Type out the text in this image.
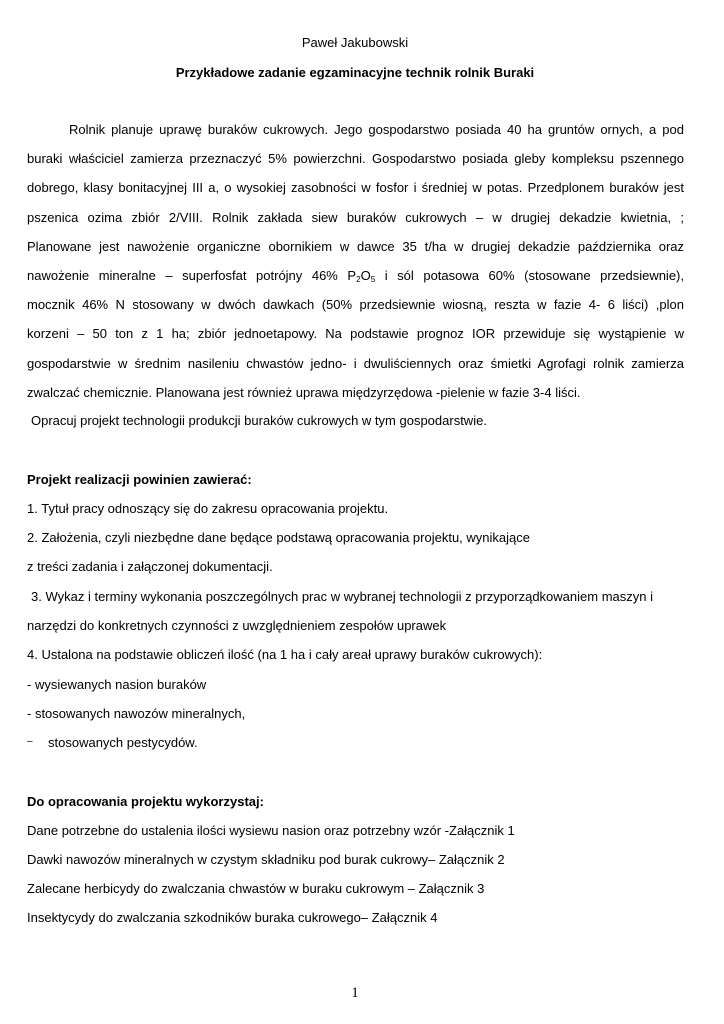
Paweł Jakubowski
Przykładowe zadanie egzaminacyjne technik rolnik Buraki
Rolnik planuje uprawę buraków cukrowych. Jego gospodarstwo posiada 40 ha gruntów ornych, a pod
buraki właściciel zamierza przeznaczyć 5% powierzchni. Gospodarstwo posiada gleby kompleksu pszennego
dobrego, klasy bonitacyjnej III a, o wysokiej zasobności w fosfor i średniej w potas. Przedplonem buraków jest
pszenica ozima zbiór 2/VIII. Rolnik zakłada siew buraków cukrowych – w drugiej dekadzie kwietnia, ;
Planowane jest nawożenie organiczne obornikiem w dawce 35 t/ha w drugiej dekadzie października oraz
nawożenie mineralne – superfosfat potrójny 46% $P_2O_5$ i sól potasowa 60% (stosowane przedsiewnie),
mocznik 46% N stosowany w dwóch dawkach (50% przedsiewnie wiosną, reszta w fazie 4- 6 liści) ,plon
korzeni – 50 ton z 1 ha; zbiór jednoetapowy. Na podstawie prognoz IOR przewiduje się wystąpienie w
gospodarstwie w średnim nasileniu chwastów jedno- i dwuliściennych oraz śmietki Agrofagi rolnik zamierza
zwalczać chemicznie. Planowana jest również uprawa międzyrzędowa -pielenie w fazie 3-4 liści.
Opracuj projekt technologii produkcji buraków cukrowych w tym gospodarstwie.
Projekt realizacji powinien zawierać:
1. Tytuł pracy odnoszący się do zakresu opracowania projektu.
2. Założenia, czyli niezbędne dane będące podstawą opracowania projektu, wynikające
z treści zadania i załączonej dokumentacji.
3. Wykaz i terminy wykonania poszczególnych prac w wybranej technologii z przyporządkowaniem maszyn i
narzędzi do konkretnych czynności z uwzględnieniem zespołów uprawek
4. Ustalona na podstawie obliczeń ilość (na 1 ha i cały areał uprawy buraków cukrowych):
- wysiewanych nasion buraków
- stosowanych nawozów mineralnych,
– stosowanych pestycydów.
Do opracowania projektu wykorzystaj:
Dane potrzebne do ustalenia ilości wysiewu nasion oraz potrzebny wzór -Załącznik 1
Dawki nawozów mineralnych w czystym składniku pod burak cukrowy– Załącznik 2
Zalecane herbicydy do zwalczania chwastów w buraku cukrowym – Załącznik 3
Insektycydy do zwalczania szkodników buraka cukrowego– Załącznik 4
1
